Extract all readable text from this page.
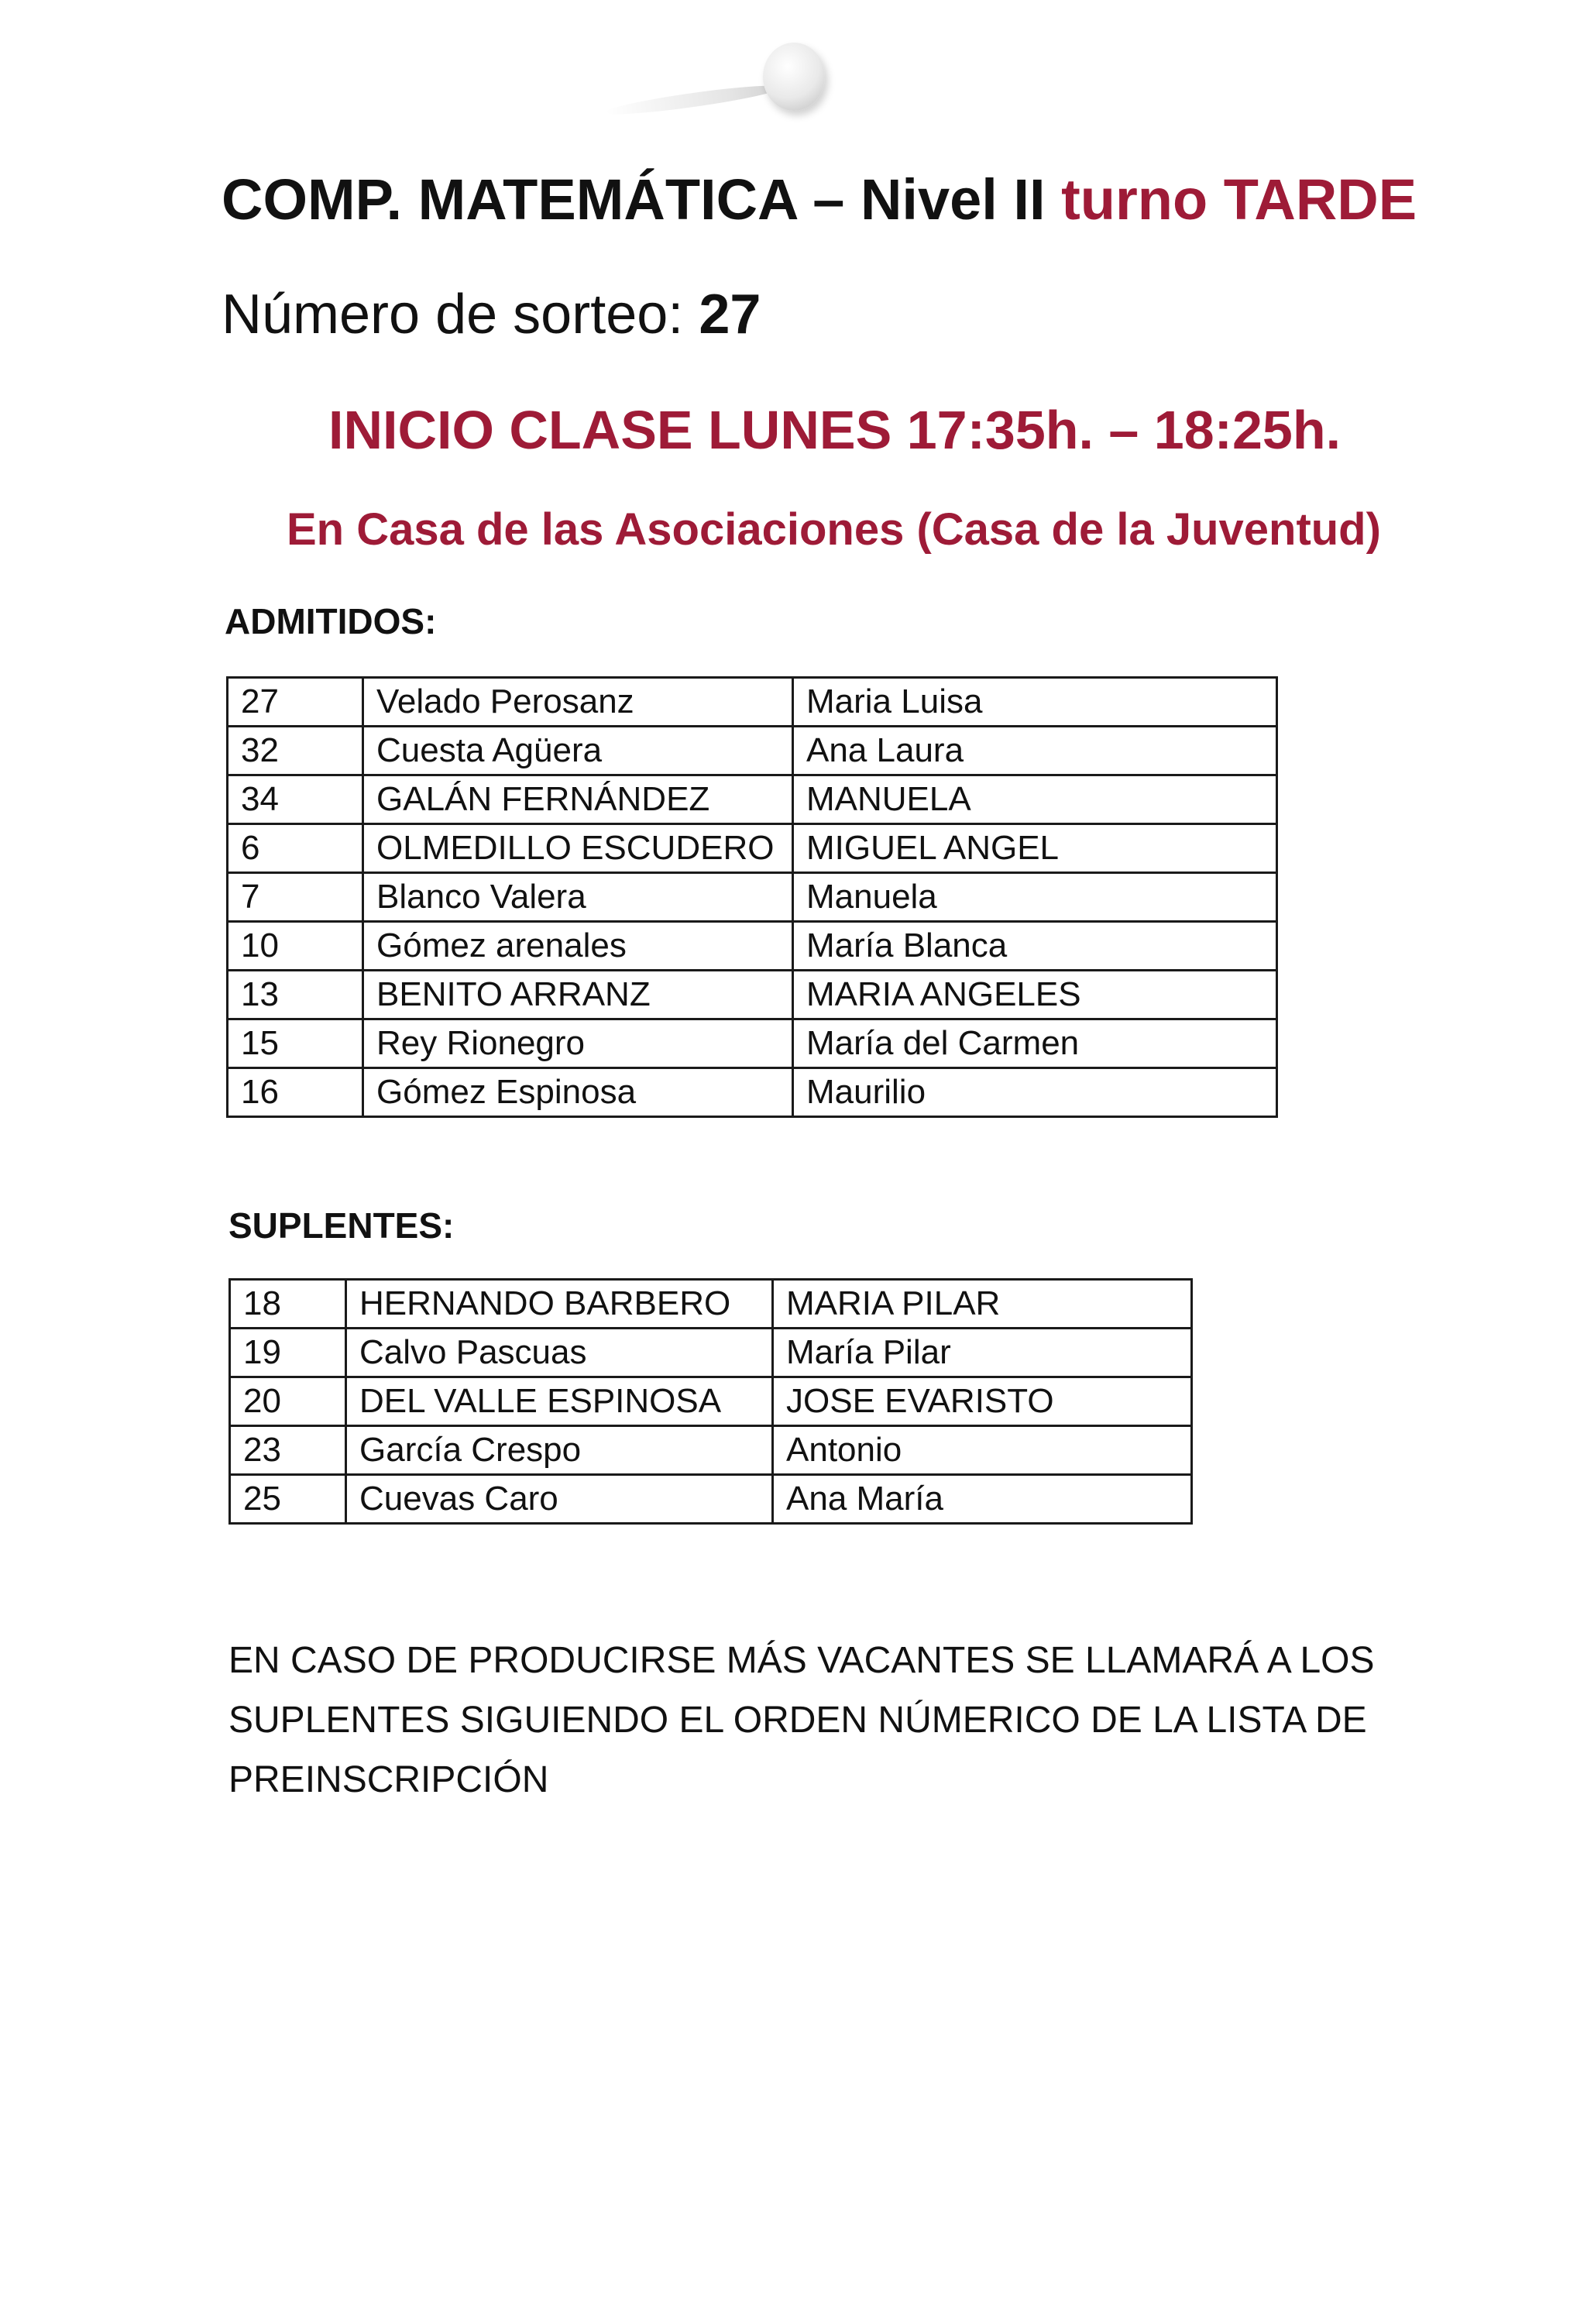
COMP. MATEMÁTICA – Nivel II turno TARDE
Número de sorteo: 27
INICIO CLASE LUNES 17:35h. – 18:25h.
En Casa de las Asociaciones (Casa de la Juventud)
ADMITIDOS:
27	Velado Perosanz	Maria Luisa
32	Cuesta Agüera	Ana Laura
34	GALÁN FERNÁNDEZ	MANUELA
6	OLMEDILLO ESCUDERO	MIGUEL ANGEL
7	Blanco Valera	Manuela
10	Gómez arenales	María Blanca
13	BENITO ARRANZ	MARIA ANGELES
15	Rey Rionegro	María del Carmen
16	Gómez Espinosa	Maurilio
SUPLENTES:
18	HERNANDO BARBERO	MARIA PILAR
19	Calvo Pascuas	María Pilar
20	DEL VALLE ESPINOSA	JOSE EVARISTO
23	García Crespo	Antonio
25	Cuevas Caro	Ana María
EN CASO DE PRODUCIRSE MÁS VACANTES SE LLAMARÁ A LOS
SUPLENTES SIGUIENDO EL ORDEN NÚMERICO DE LA LISTA DE
PREINSCRIPCIÓN
